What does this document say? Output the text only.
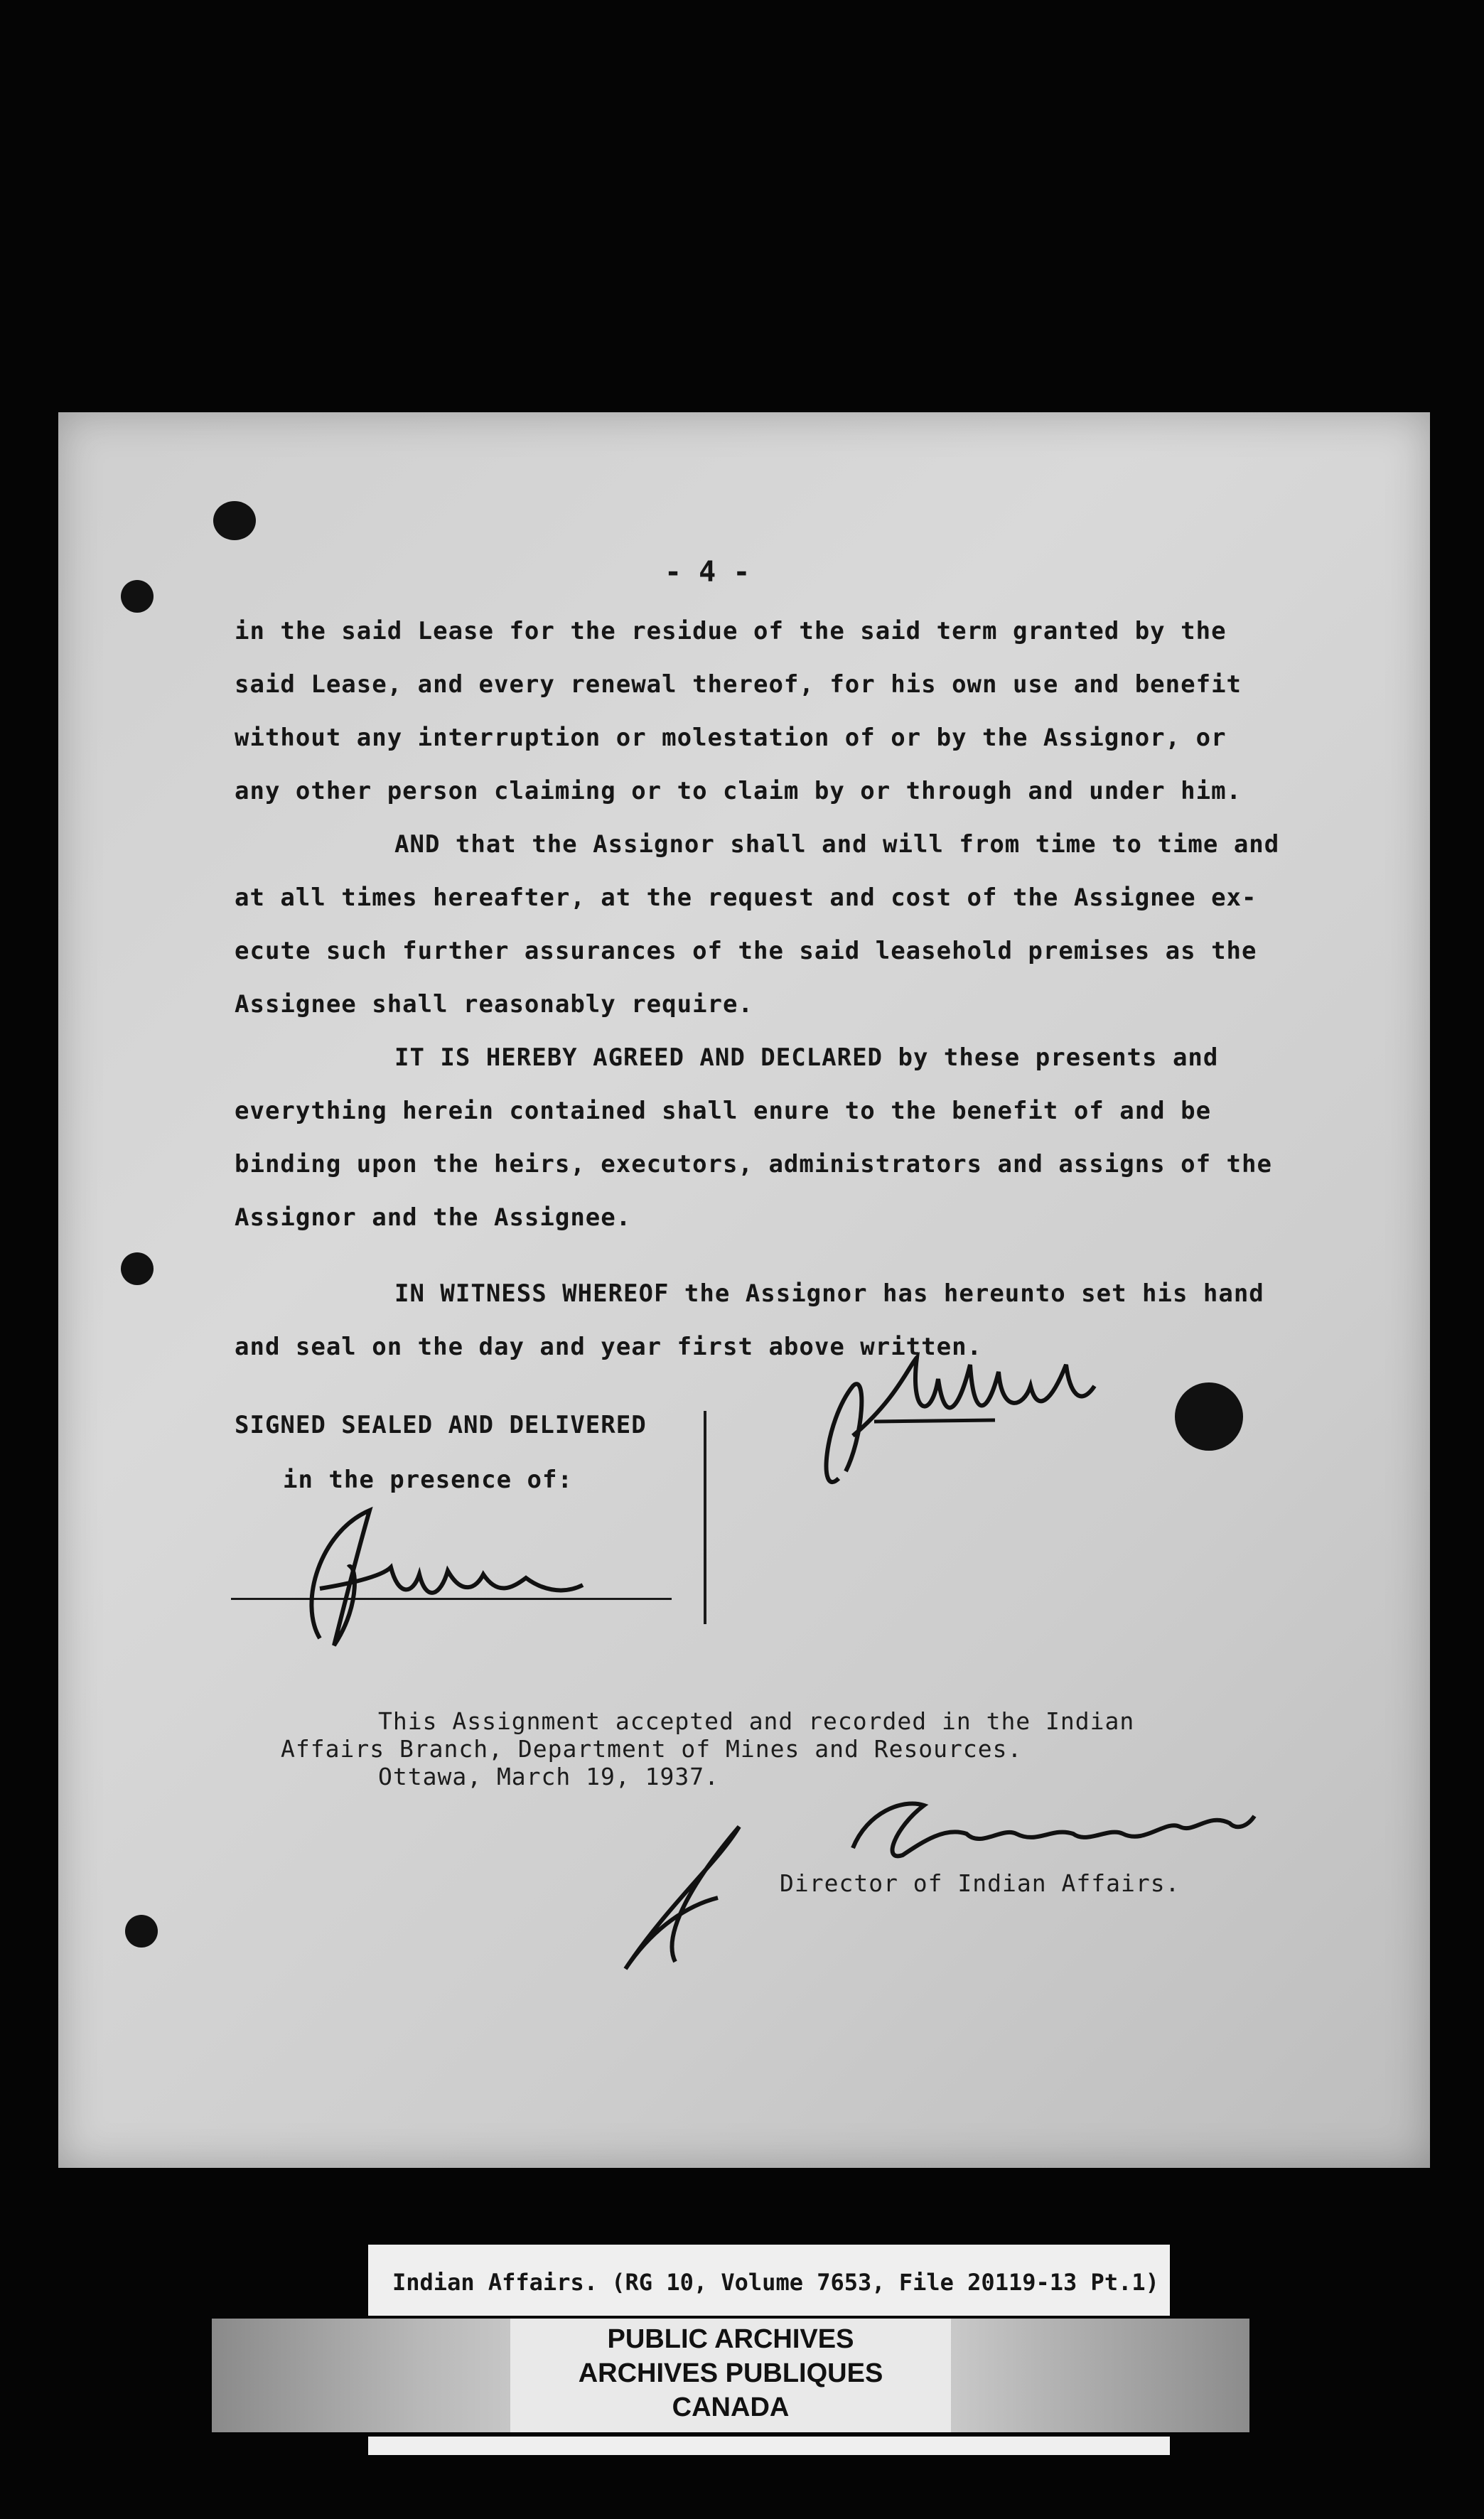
- 4 -
in the said Lease for the residue of the said term granted by the
said Lease, and every renewal thereof, for his own use and benefit
without any interruption or molestation of or by the Assignor, or
any other person claiming or to claim by or through and under him.
AND that the Assignor shall and will from time to time and
at all times hereafter, at the request and cost of the Assignee ex-
ecute such further assurances of the said leasehold premises as the
Assignee shall reasonably require.
IT IS HEREBY AGREED AND DECLARED by these presents and
everything herein contained shall enure to the benefit of and be
binding upon the heirs, executors, administrators and assigns of the
Assignor and the Assignee.
IN WITNESS WHEREOF the Assignor has hereunto set his hand
and seal on the day and year first above written.
SIGNED SEALED AND DELIVERED
in the presence of:
This Assignment accepted and recorded in the Indian
Affairs Branch, Department of Mines and Resources.
Ottawa, March 19, 1937.
Director of Indian Affairs.
Indian Affairs. (RG 10, Volume 7653, File 20119-13 Pt.1)
PUBLIC ARCHIVES
ARCHIVES PUBLIQUES
CANADA
